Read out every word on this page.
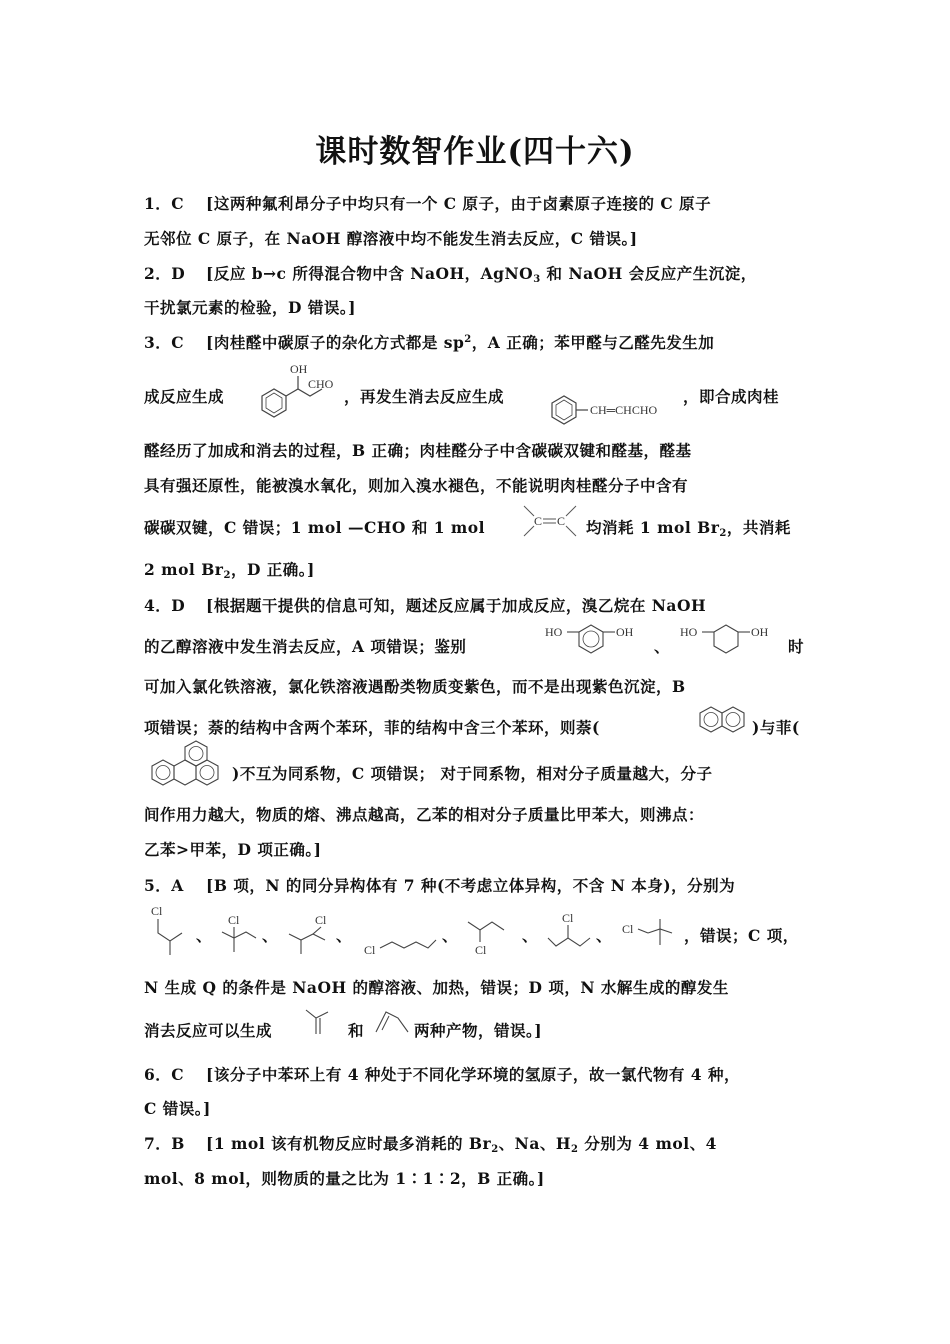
课时数智作业(四十六)
1．C [这两种氟利昂分子中均只有一个 C 原子，由于卤素原子连接的 C 原子
无邻位 C 原子，在 NaOH 醇溶液中均不能发生消去反应，C 错误。]
2．D [反应 b→c 所得混合物中含 NaOH，AgNO$_3$ 和 NaOH 会反应产生沉淀，
干扰氯元素的检验，D 错误。]
3．C [肉桂醛中碳原子的杂化方式都是 $sp^2$，A 正确；苯甲醛与乙醛先发生加
成反应生成	，再发生消去反应生成	，即合成肉桂
OH
CHO
CH═CHCHO
醛经历了加成和消去的过程，B 正确；肉桂醛分子中含碳碳双键和醛基，醛基
具有强还原性，能被溴水氧化，则加入溴水褪色，不能说明肉桂醛分子中含有
碳碳双键，C 错误；1 mol —CHO 和 1 mol	C C 均消耗 1 mol $Br_2$，共消耗
2 mol $Br_2$，D 正确。]
4．D [根据题干提供的信息可知，题述反应属于加成反应，溴乙烷在 NaOH
的乙醇溶液中发生消去反应，A 项错误；鉴别
HO	OH
、
HO	OH
时
可加入氯化铁溶液，氯化铁溶液遇酚类物质变紫色，而不是出现紫色沉淀，B
项错误；萘的结构中含两个苯环，菲的结构中含三个苯环，则萘(	)与菲(
)不互为同系物，C 项错误； 对于同系物，相对分子质量越大，分子
间作用力越大，物质的熔、沸点越高，乙苯的相对分子质量比甲苯大，则沸点：
乙苯>甲苯，D 项正确。]
5．A [B 项，N 的同分异构体有 7 种(不考虑立体异构，不含 N 本身)，分别为
Cl
、
Cl
、
Cl
、
Cl
、
Cl
、
Cl
、 Cl	，错误；C 项，
N 生成 Q 的条件是 NaOH 的醇溶液、加热，错误；D 项，N 水解生成的醇发生
消去反应可以生成	和	两种产物，错误。]
6．C [该分子中苯环上有 4 种处于不同化学环境的氢原子，故一氯代物有 4 种，
C 错误。]
7．B [1 mol 该有机物反应时最多消耗的 $Br_2$、Na、$H_2$ 分别为 4 mol、4
mol、8 mol，则物质的量之比为 1∶1∶2，B 正确。]
